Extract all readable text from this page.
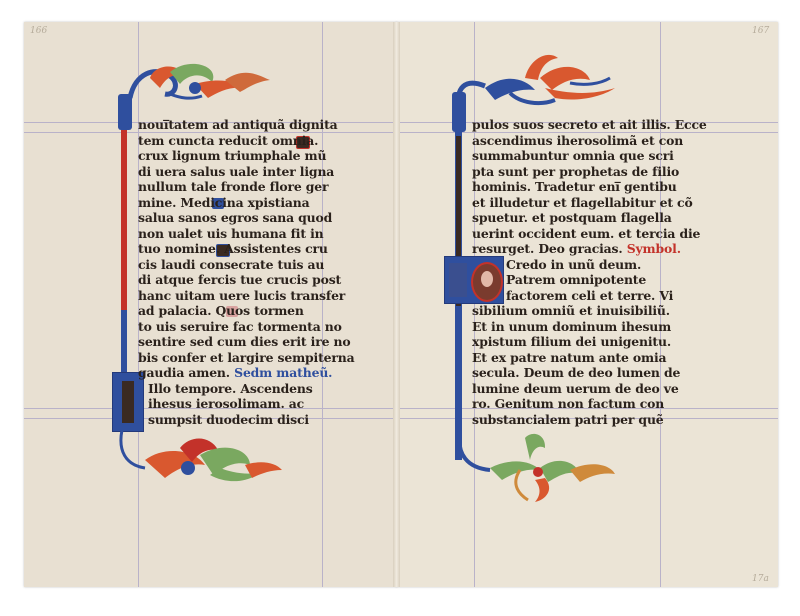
166	167
17a
noui̅tatem ad antiquã dignita
tem cuncta reducit omnia.
crux lignum triumphale mũ
di uera salus uale inter ligna
nullum tale fronde flore ger
mine. Medicina xpistiana
salua sanos egros sana quod
non ualet uis humana fit in
tuo nomine. Assistentes cru
cis laudi consecrate tuis au
di atque fercis tue crucis post
hanc uitam uere lucis transfer
ad palacia. Quos tormen
to uis seruire fac tormenta no
sentire sed cum dies erit ire no
bis confer et largire sempiterna
gaudia amen. Sedm matheũ.
Illo tempore. Ascendens
ihesus ierosolimam. ac
sumpsit duodecim disci
pulos suos secreto et ait illis. Ecce
ascendimus iherosolimã et con
summabuntur omnia que scri
pta sunt per prophetas de filio
hominis. Tradetur eni̅ gentibu
et illudetur et flagellabitur et cõ
spuetur. et postquam flagella
uerint occident eum. et tercia die
resurget. Deo gracias. Symbol.
Credo in unũ deum.
Patrem omnipotente
factorem celi et terre. Vi
sibilium omniũ et inuisibiliũ.
Et in unum dominum ihesum
xpistum filium dei unigenitu.
Et ex patre natum ante omia
secula. Deum de deo lumen de
lumine deum uerum de deo ve
ro. Genitum non factum con
substancialem patri per quẽ
